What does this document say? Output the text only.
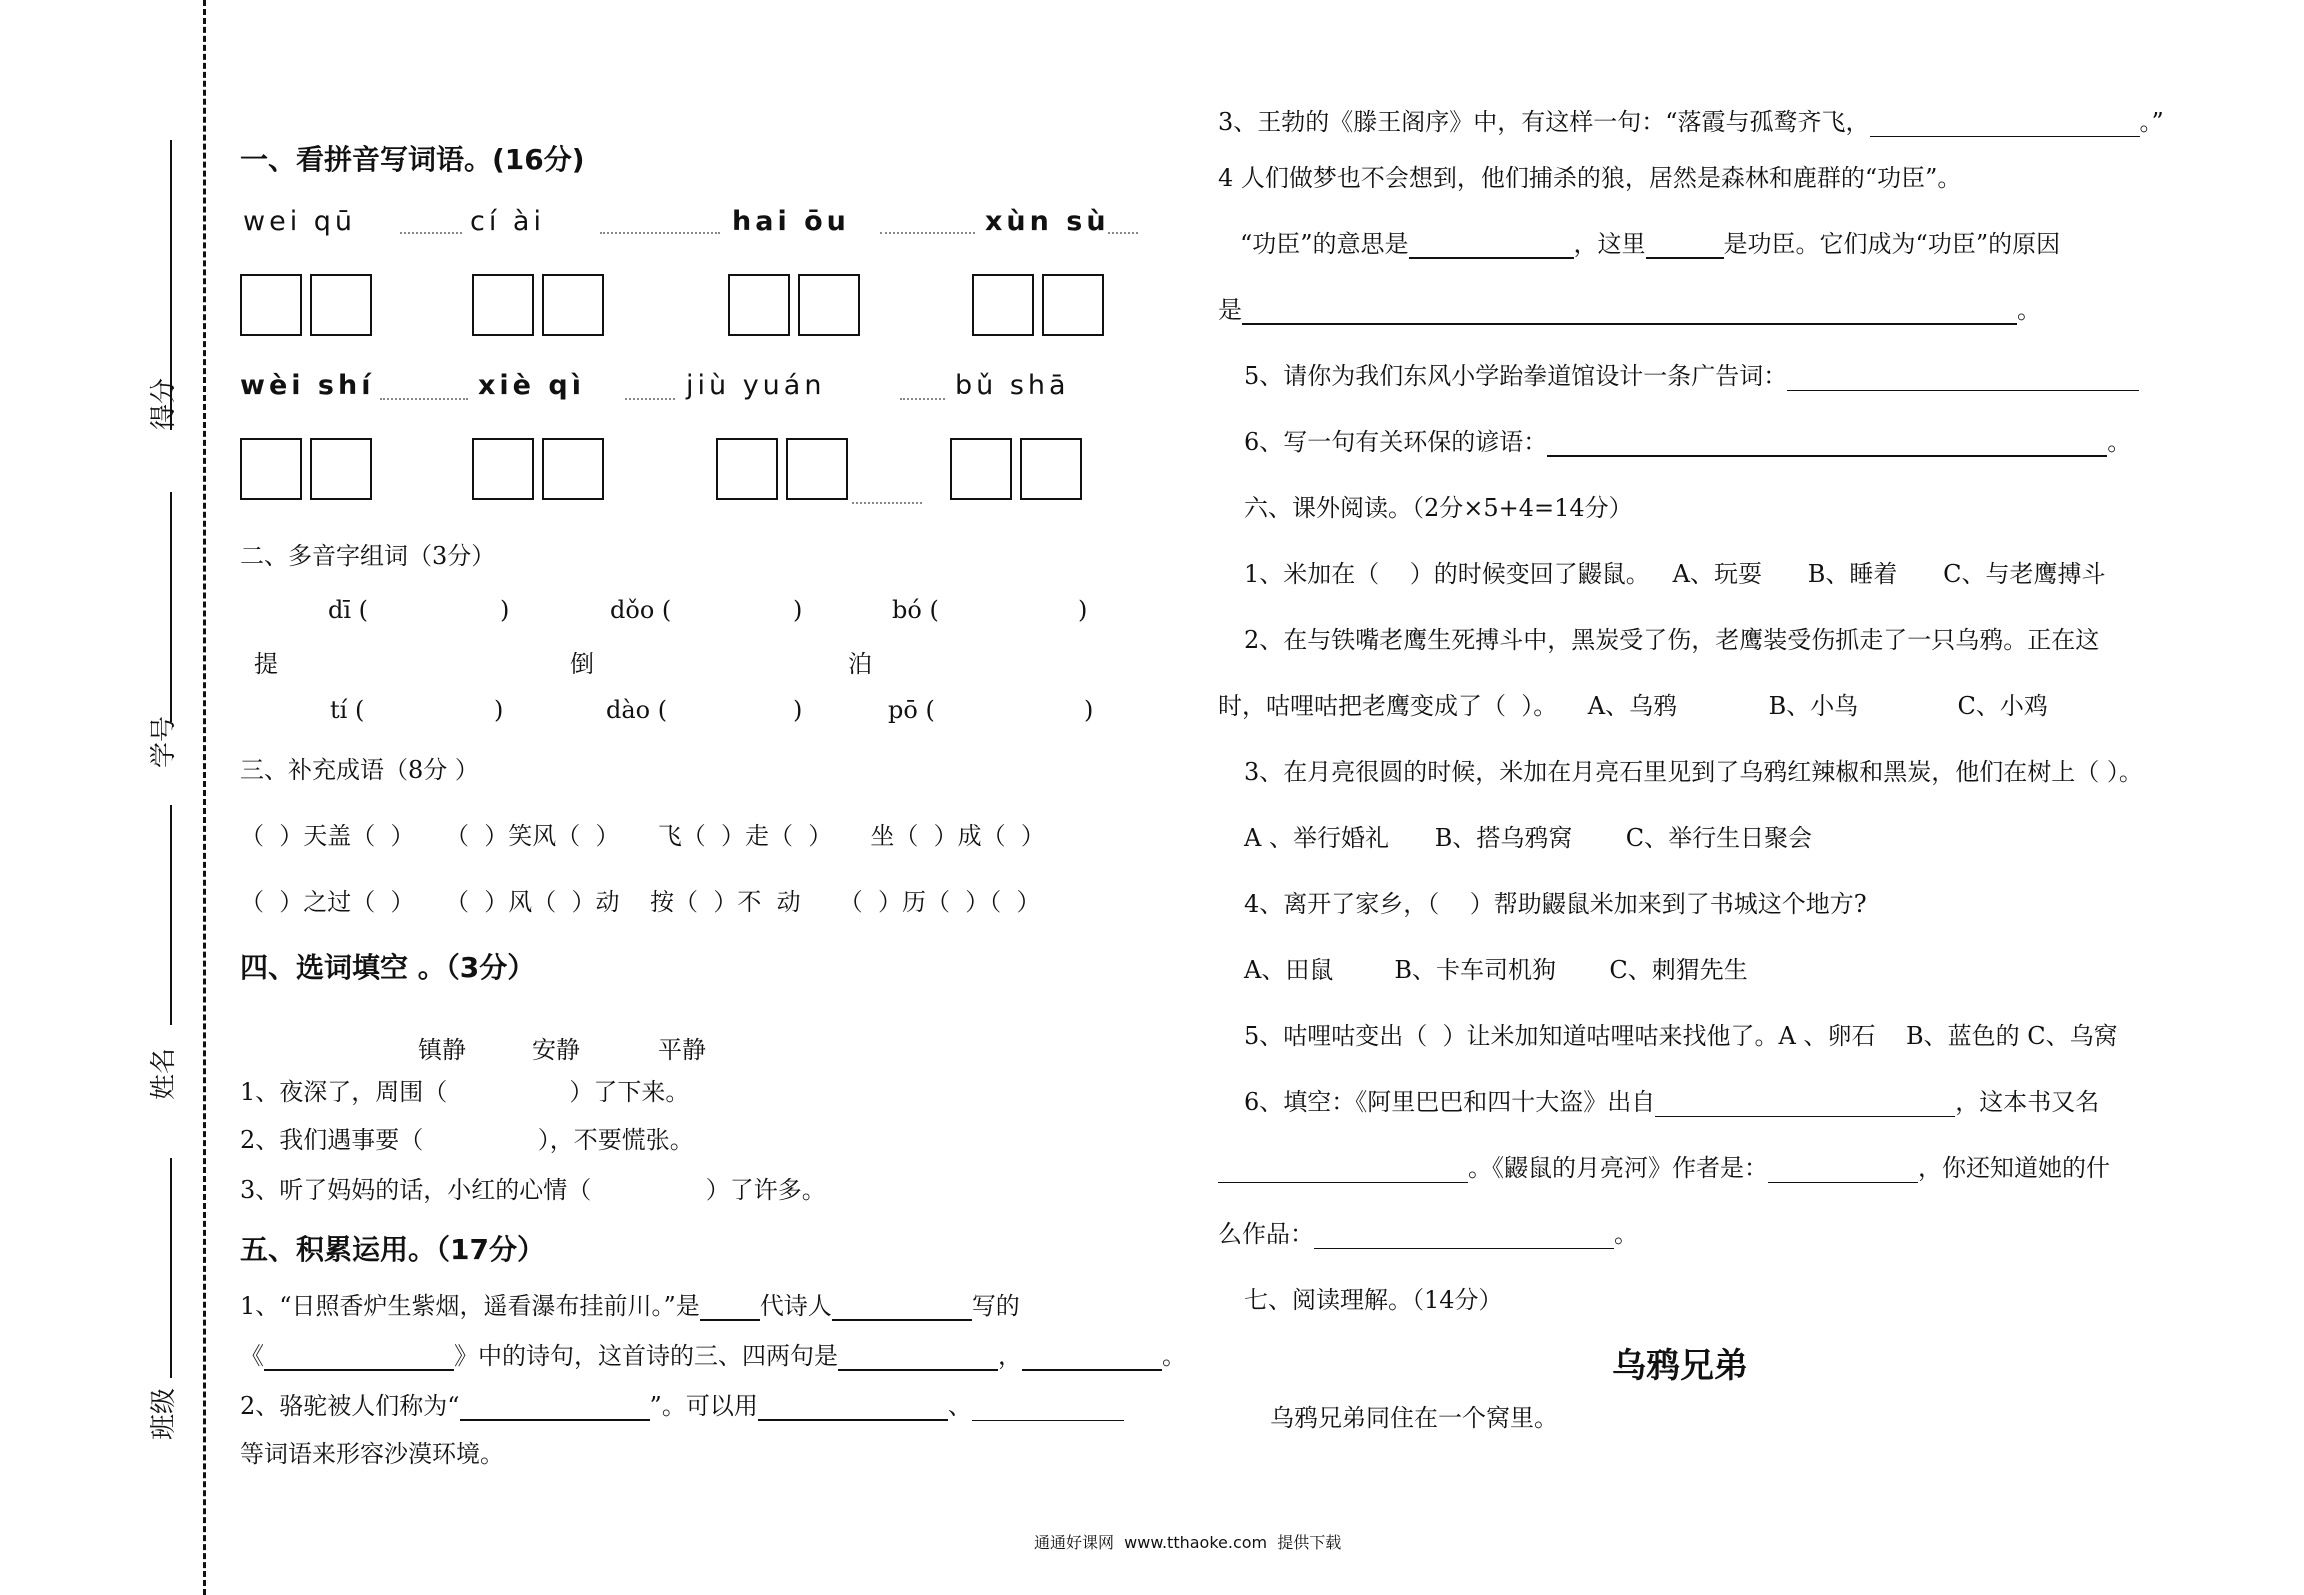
得分
学号
姓名
班级
一、看拼音写词语。(16分)
wei qū	cí ài	hai ōu	xùn sù
wèi shí	xiè qì	jiù yuán	bǔ shā
二、多音字组词（3分）
dī (	)	dǒo (	)	bó (	)
提	倒	泊
tí (	)	dào (	)	pō (	)
三、补充成语（8分 ）
（  ）天盖（  ）    （  ）笑风（  ）     飞（  ）走（  ）     坐（  ）成（  ）
（  ）之过（  ）    （  ）风（  ）动    按（  ）不  动     （  ）历（  ）（  ）
四、选词填空 。（3分）
镇静	安静	平静
1、夜深了，周围（                ）了下来。
2、我们遇事要（               ），不要慌张。
3、听了妈妈的话，小红的心情（               ）了许多。
五、积累运用。（17分）
1、“日照香炉生紫烟，遥看瀑布挂前川。”是	代诗人	写的
《	》中的诗句，这首诗的三、四两句是	，	。
2、骆驼被人们称为“	”。可以用	、
等词语来形容沙漠环境。
3、王勃的《滕王阁序》中，有这样一句：“落霞与孤鹜齐飞，	。”
4 人们做梦也不会想到，他们捕杀的狼，居然是森林和鹿群的“功臣”。
“功臣”的意思是	，这里	是功臣。它们成为“功臣”的原因
是	。
5、请你为我们东风小学跆拳道馆设计一条广告词：
6、写一句有关环保的谚语：	。
六、课外阅读。（2分×5+4=14分）
1、米加在（    ）的时候变回了鼹鼠。   A、玩耍      B、睡着      C、与老鹰搏斗
2、在与铁嘴老鹰生死搏斗中，黑炭受了伤，老鹰装受伤抓走了一只乌鸦。正在这
时，咕哩咕把老鹰变成了（  ）。    A、乌鸦            B、小鸟             C、小鸡
3、在月亮很圆的时候，米加在月亮石里见到了乌鸦红辣椒和黑炭，他们在树上（ ）。
A 、举行婚礼      B、搭乌鸦窝       C、举行生日聚会
4、离开了家乡，（    ）帮助鼹鼠米加来到了书城这个地方?
A、田鼠        B、卡车司机狗       C、刺猬先生
5、咕哩咕变出（  ）让米加知道咕哩咕来找他了。A 、卵石    B、蓝色的 C、乌窝
6、填空：《阿里巴巴和四十大盗》出自	，这本书又名
。《鼹鼠的月亮河》作者是：	，你还知道她的什
么作品：	。
七、阅读理解。（14分）
乌鸦兄弟
乌鸦兄弟同住在一个窝里。
通通好课网  www.tthaoke.com  提供下载
